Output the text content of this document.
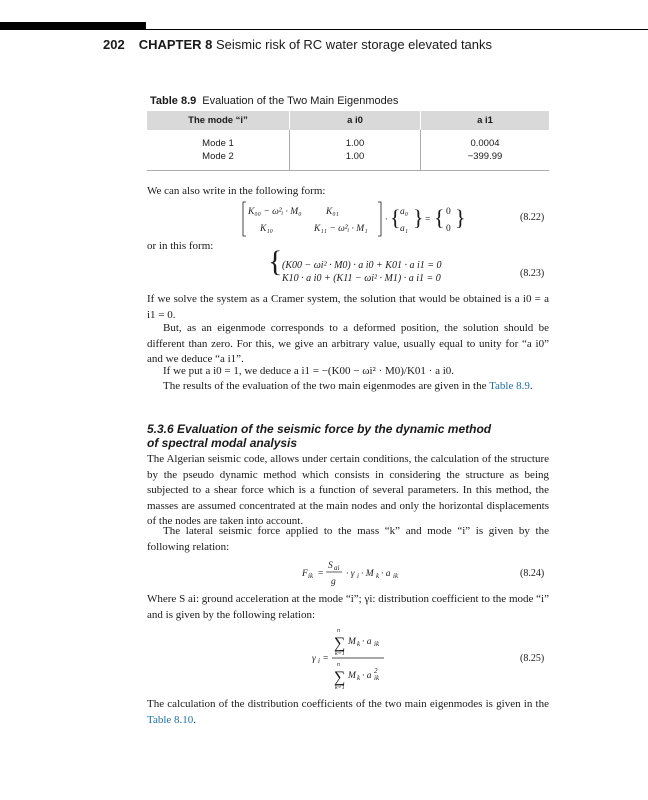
202 CHAPTER 8 Seismic risk of RC water storage elevated tanks
Table 8.9 Evaluation of the Two Main Eigenmodes
The mode “i”	a i0	a i1
Mode 1	1.00	0.0004
Mode 2	1.00	−399.99

We can also write in the following form:

K₀₀ − ω²ᵢ · M₀	K₀₁
K₁₀	K₁₁ − ω²ᵢ · M₁
· { a₀
a₁ } = { 0
0 }	(8.22)

or in this form:	{ (K00 − ωi² · M0) · a i0 + K01 · a i1 = 0
K10 · a i0 + (K11 − ωi² · M1) · a i1 = 0	(8.23)

If we solve the system as a Cramer system, the solution that would be obtained is a i0 = a i1 = 0.

But, as an eigenmode corresponds to a deformed position, the solution should be different than zero. For this, we give an arbitrary value, usually equal to unity for “a i0” and we deduce “a i1”.

If we put a i0 = 1, we deduce a i1 = −(K00 − ωi² · M0)/K01 · a i0.

The results of the evaluation of the two main eigenmodes are given in the Table 8.9.

5.3.6 Evaluation of the seismic force by the dynamic method
of spectral modal analysis

The Algerian seismic code, allows under certain conditions, the calculation of the structure by the pseudo dynamic method which consists in considering the structure as being subjected to a shear force which is a function of several parameters. In this method, the masses are assumed concentrated at the main nodes and only the horizontal displacements of the nodes are taken into account.

The lateral seismic force applied to the mass “k” and mode “i” is given by the following relation:

F ik =
S ai
g
· γ i · M k · a ik	(8.24)

Where S ai: ground acceleration at the mode “i”; γi: distribution coefficient to the mode “i” and is given by the following relation:

γ i =
n
∑
k=1
M k · a ik
n
∑
k=1
M k · a ik
2
(8.25)

The calculation of the distribution coefficients of the two main eigenmodes is given in the Table 8.10.
